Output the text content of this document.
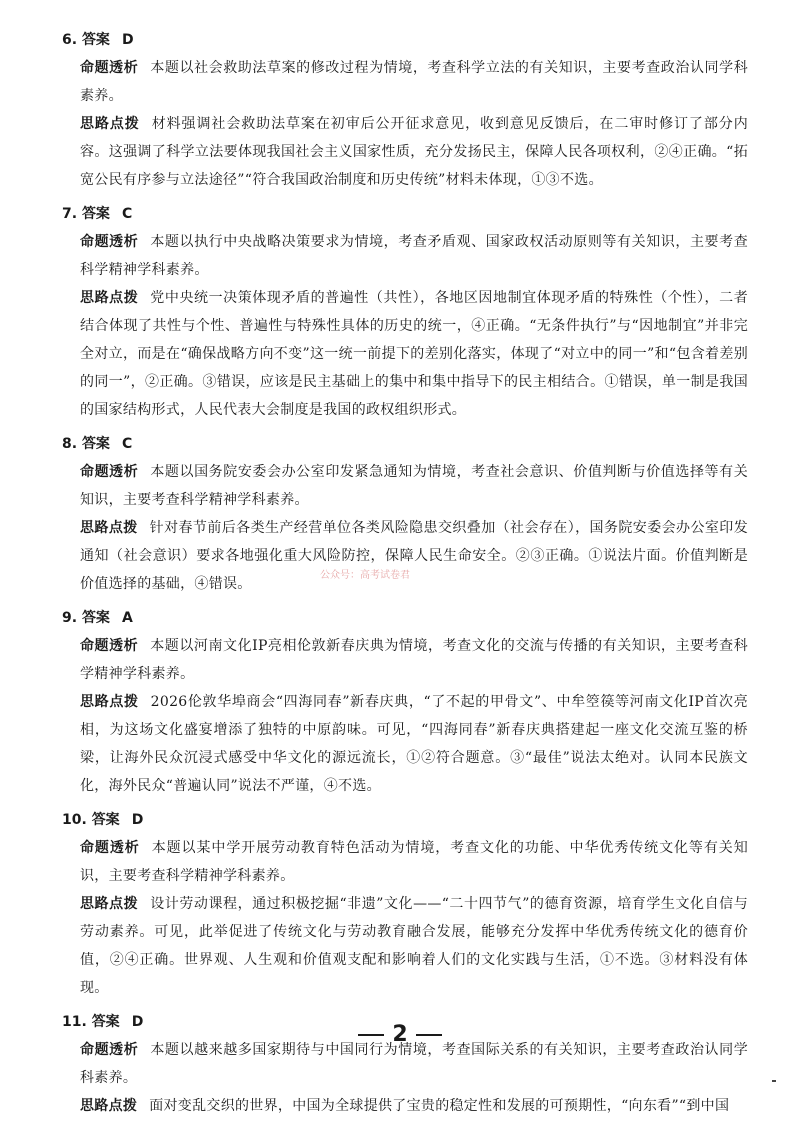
6. 答案 D

命题透析 本题以社会救助法草案的修改过程为情境，考查科学立法的有关知识，主要考查政治认同学科素养。

思路点拨 材料强调社会救助法草案在初审后公开征求意见，收到意见反馈后，在二审时修订了部分内容。这强调了科学立法要体现我国社会主义国家性质，充分发扬民主，保障人民各项权利，②④正确。“拓宽公民有序参与立法途径”“符合我国政治制度和历史传统”材料未体现，①③不选。

7. 答案 C

命题透析 本题以执行中央战略决策要求为情境，考查矛盾观、国家政权活动原则等有关知识，主要考查科学精神学科素养。

思路点拨 党中央统一决策体现矛盾的普遍性（共性），各地区因地制宜体现矛盾的特殊性（个性），二者结合体现了共性与个性、普遍性与特殊性具体的历史的统一，④正确。“无条件执行”与“因地制宜”并非完全对立，而是在“确保战略方向不变”这一统一前提下的差别化落实，体现了“对立中的同一”和“包含着差别的同一”，②正确。③错误，应该是民主基础上的集中和集中指导下的民主相结合。①错误，单一制是我国的国家结构形式，人民代表大会制度是我国的政权组织形式。

8. 答案 C

命题透析 本题以国务院安委会办公室印发紧急通知为情境，考查社会意识、价值判断与价值选择等有关知识，主要考查科学精神学科素养。

思路点拨 针对春节前后各类生产经营单位各类风险隐患交织叠加（社会存在），国务院安委会办公室印发通知（社会意识）要求各地强化重大风险防控，保障人民生命安全。②③正确。①说法片面。价值判断是价值选择的基础，④错误。

9. 答案 A

命题透析 本题以河南文化IP亮相伦敦新春庆典为情境，考查文化的交流与传播的有关知识，主要考查科学精神学科素养。

思路点拨 2026伦敦华埠商会“四海同春”新春庆典，“了不起的甲骨文”、中牟箜篌等河南文化IP首次亮相，为这场文化盛宴增添了独特的中原韵味。可见，“四海同春”新春庆典搭建起一座文化交流互鉴的桥梁，让海外民众沉浸式感受中华文化的源远流长，①②符合题意。③“最佳”说法太绝对。认同本民族文化，海外民众“普遍认同”说法不严谨，④不选。

10. 答案 D

命题透析 本题以某中学开展劳动教育特色活动为情境，考查文化的功能、中华优秀传统文化等有关知识，主要考查科学精神学科素养。

思路点拨 设计劳动课程，通过积极挖掘“非遗”文化——“二十四节气”的德育资源，培育学生文化自信与劳动素养。可见，此举促进了传统文化与劳动教育融合发展，能够充分发挥中华优秀传统文化的德育价值，②④正确。世界观、人生观和价值观支配和影响着人们的文化实践与生活，①不选。③材料没有体现。

11. 答案 D

命题透析 本题以越来越多国家期待与中国同行为情境，考查国际关系的有关知识，主要考查政治认同学科素养。

思路点拨 面对变乱交织的世界，中国为全球提供了宝贵的稳定性和发展的可预期性，“向东看”“到中国

公众号：高考试卷君
2
